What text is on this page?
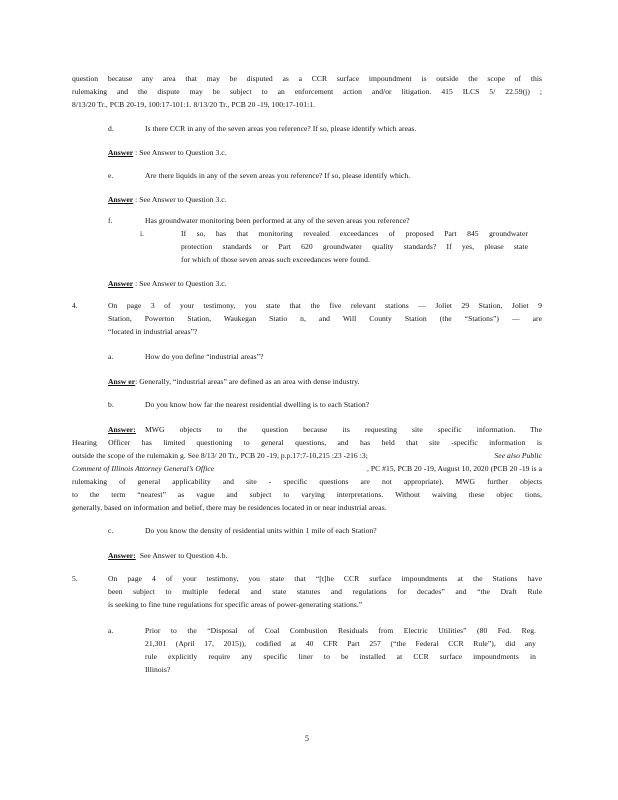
question because any area that may be disputed as a CCR surface impoundment is outside the scope of this
rulemaking and the dispute may be subject to an enforcement action and/or litigation. 415 ILCS 5/ 22.59(j) ;
8/13/20 Tr., PCB 20-19, 100:17-101:1. 8/13/20 Tr., PCB 20 -19, 100:17-101:1.
d.	Is there CCR in any of the seven areas you reference? If so, please identify which areas.
Answer : See Answer to Question 3.c.
e.	Are there liquids in any of the seven areas you reference? If so, please identify which.
Answer : See Answer to Question 3.c.
f.	Has groundwater monitoring been performed at any of the seven areas you reference?
i.	If so, has that monitoring revealed exceedances of proposed Part 845 groundwater
protection standards or Part 620 groundwater quality standards? If yes, please state
for which of those seven areas such exceedances were found.
Answer : See Answer to Question 3.c.
4.	On page 3 of your testimony, you state that the five relevant stations — Joliet 29 Station, Joliet 9
Station, Powerton Station, Waukegan Statio n, and Will County Station (the “Stations”) — are
“located in industrial areas”?
a.	How do you define “industrial areas”?
Answ er: Generally, “industrial areas” are defined as an area with dense industry.
b.	Do you know how far the nearest residential dwelling is to each Station?
Answer: MWG objects to the question because its requesting site specific information. The
Hearing Officer has limited questioning to general questions, and has held that site -specific information is
outside the scope of the rulemakin g. See 8/13/ 20 Tr., PCB 20 -19, p.p.17:7-10,215 :23 -216 :3;	See also Public
Comment of Illinois Attorney General’s Office	, PC #15, PCB 20 -19, August 10, 2020 (PCB 20 -19 is a
rulemaking of general applicability and site - specific questions are not appropriate). MWG further objects
to the term “nearest” as vague and subject to varying interpretations. Without waiving these objec tions,
generally, based on information and belief, there may be residences located in or near industrial areas.
c.	Do you know the density of residential units within 1 mile of each Station?
Answer: See Answer to Question 4.b.
5.	On page 4 of your testimony, you state that “[t]he CCR surface impoundments at the Stations have
been subject to multiple federal and state statutes and regulations for decades” and “the Draft Rule
is seeking to fine tune regulations for specific areas of power-generating stations.”
a.	Prior to the “Disposal of Coal Combustion Residuals from Electric Utilities” (80 Fed. Reg.
21,301 (April 17, 2015)), codified at 40 CFR Part 257 (“the Federal CCR Rule”), did any
rule explicitly require any specific liner to be installed at CCR surface impoundments in
Illinois?
5
